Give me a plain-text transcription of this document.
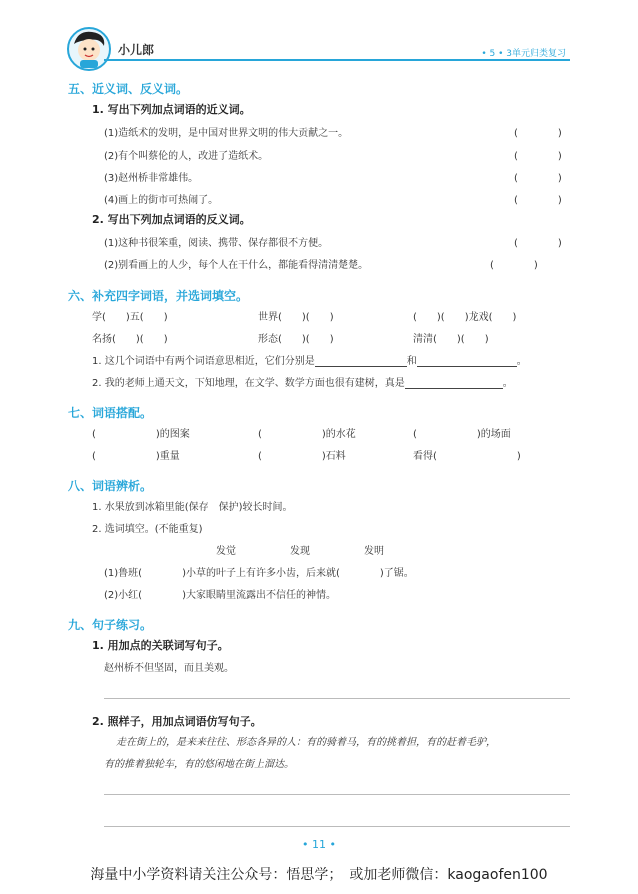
小儿郎	• 5 • 3单元归类复习
五、近义词、反义词。
1. 写出下列加点词语的近义词。
(1)造纸术的发明，是中国对世界文明的伟大贡献之一。	(　　　　)
(2)有个叫蔡伦的人，改进了造纸术。	(　　　　)
(3)赵州桥非常雄伟。	(　　　　)
(4)画上的街市可热闹了。	(　　　　)
2. 写出下列加点词语的反义词。
(1)这种书很笨重，阅读、携带、保存都很不方便。	(　　　　)
(2)别看画上的人少，每个人在干什么，都能看得清清楚楚。	(　　　　)
六、补充四字词语，并选词填空。
学(　　)五(　　)	世界(　　)(　　)	(　　)(　　)龙戏(　　)
名扬(　　)(　　)	形态(　　)(　　)	清清(　　)(　　)
1. 这几个词语中有两个词语意思相近，它们分别是	和	。
2. 我的老师上通天文，下知地理，在文学、数学方面也很有建树，真是	。
七、词语搭配。
(　　　　　　)的图案	(　　　　　　)的水花	(　　　　　　)的场面
(　　　　　　)重量	(　　　　　　)石料	看得(　　　　　　　　)
八、词语辨析。
1. 水果放到冰箱里能(保存　保护)较长时间。
2. 选词填空。(不能重复)
发觉	发现	发明
(1)鲁班(　　　　)小草的叶子上有许多小齿，后来就(　　　　)了锯。
(2)小红(　　　　)大家眼睛里流露出不信任的神情。
九、句子练习。
1. 用加点的关联词写句子。
赵州桥不但坚固，而且美观。
2. 照样子，用加点词语仿写句子。
走在街上的，是来来往往、形态各异的人：有的骑着马，有的挑着担，有的赶着毛驴，
有的推着独轮车，有的悠闲地在街上溜达。
• 11 •
海量中小学资料请关注公众号：悟思学；　或加老师微信：kaogaofen100
